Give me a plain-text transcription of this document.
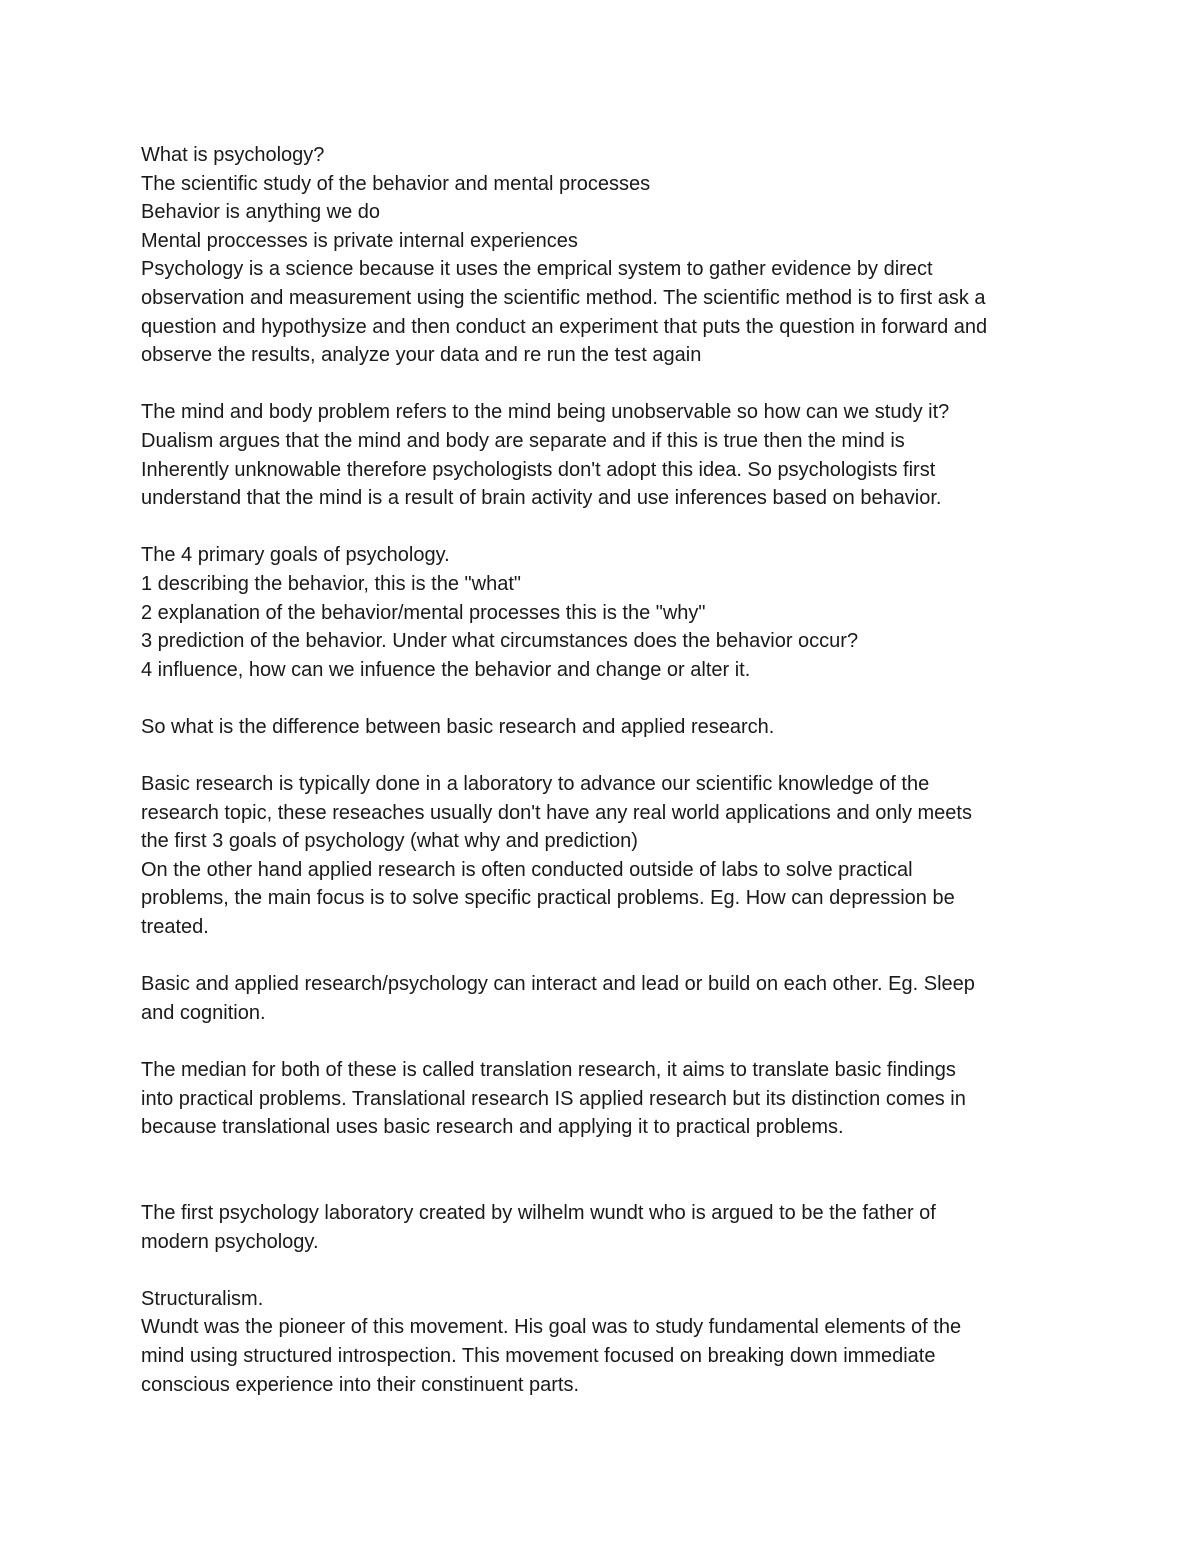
What is psychology?
The scientific study of the behavior and mental processes
Behavior is anything we do
Mental proccesses is private internal experiences
Psychology is a science because it uses the emprical system to gather evidence by direct
observation and measurement using the scientific method. The scientific method is to first ask a
question and hypothysize and then conduct an experiment that puts the question in forward and
observe the results, analyze your data and re run the test again
The mind and body problem refers to the mind being unobservable so how can we study it?
Dualism argues that the mind and body are separate and if this is true then the mind is
Inherently unknowable therefore psychologists don't adopt this idea. So psychologists first
understand that the mind is a result of brain activity and use inferences based on behavior.
The 4 primary goals of psychology.
1 describing the behavior, this is the "what"
2 explanation of the behavior/mental processes this is the "why"
3 prediction of the behavior. Under what circumstances does the behavior occur?
4 influence, how can we infuence the behavior and change or alter it.
So what is the difference between basic research and applied research.
Basic research is typically done in a laboratory to advance our scientific knowledge of the
research topic, these reseaches usually don't have any real world applications and only meets
the first 3 goals of psychology (what why and prediction)
On the other hand applied research is often conducted outside of labs to solve practical
problems, the main focus is to solve specific practical problems. Eg. How can depression be
treated.
Basic and applied research/psychology can interact and lead or build on each other. Eg. Sleep
and cognition.
The median for both of these is called translation research, it aims to translate basic findings
into practical problems. Translational research IS applied research but its distinction comes in
because translational uses basic research and applying it to practical problems.
The first psychology laboratory created by wilhelm wundt who is argued to be the father of
modern psychology.
Structuralism.
Wundt was the pioneer of this movement. His goal was to study fundamental elements of the
mind using structured introspection. This movement focused on breaking down immediate
conscious experience into their constinuent parts.
